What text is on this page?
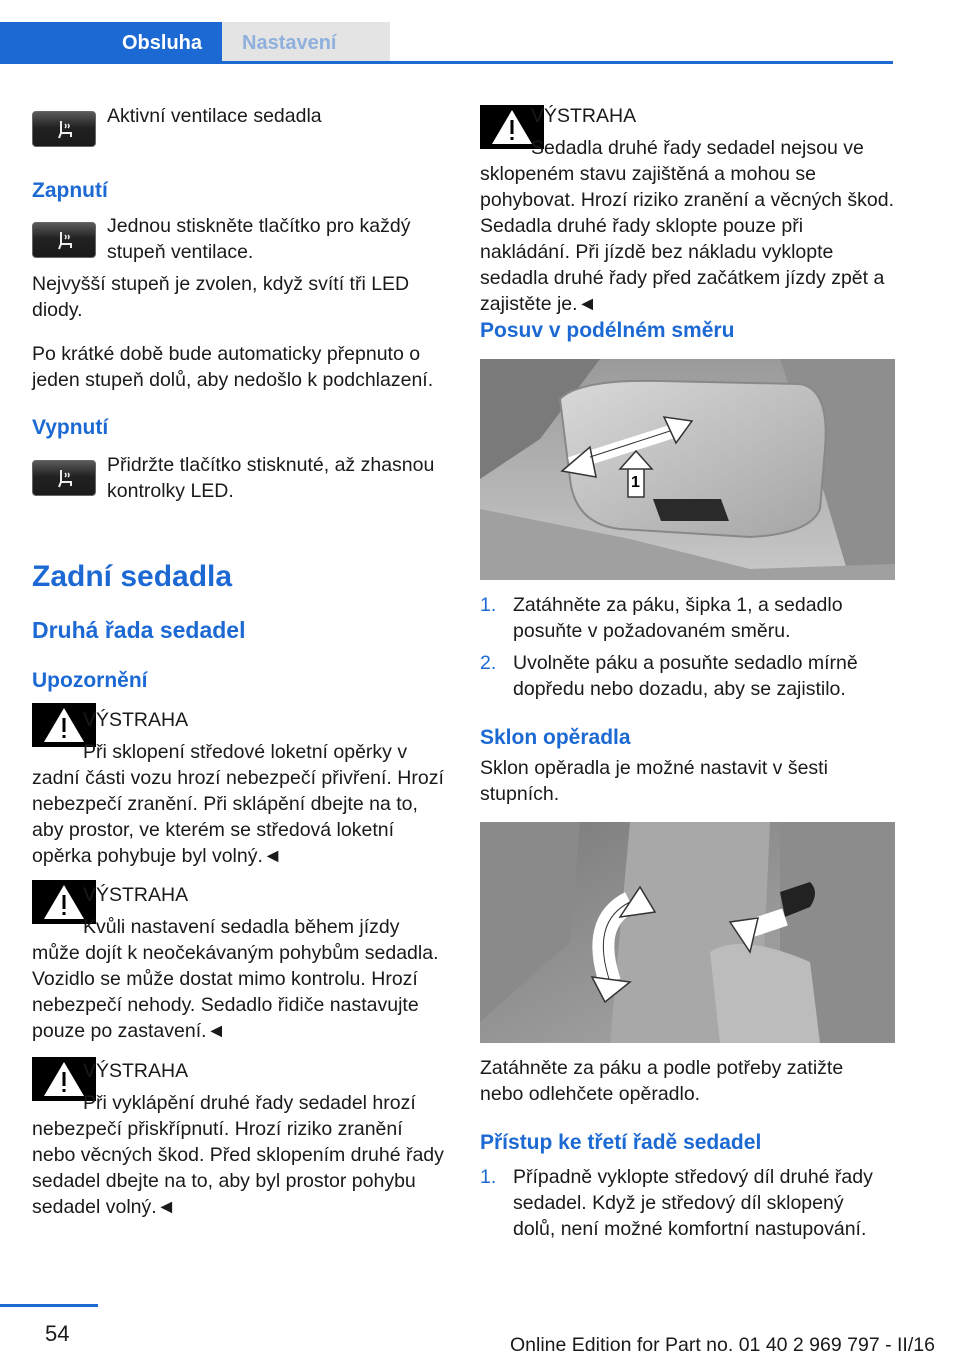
Obsluha	Nastavení

Aktivní ventilace sedadla

Zapnutí

Jednou stiskněte tlačítko pro každý stupeň ventilace.

Nejvyšší stupeň je zvolen, když svítí tři LED diody.

Po krátké době bude automaticky přepnuto o jeden stupeň dolů, aby nedošlo k podchlazení.

Vypnutí

Přidržte tlačítko stisknuté, až zhasnou kontrolky LED.

Zadní sedadla
Druhá řada sedadel
Upozornění

VÝSTRAHA

Při sklopení středové loketní opěrky v zadní části vozu hrozí nebezpečí přivření. Hrozí nebezpečí zranění. Při sklápění dbejte na to, aby prostor, ve kterém se středová loketní opěrka pohybuje byl volný.◄

VÝSTRAHA

Kvůli nastavení sedadla během jízdy může dojít k neočekávaným pohybům sedadla. Vozidlo se může dostat mimo kontrolu. Hrozí nebezpečí nehody. Sedadlo řidiče nastavujte pouze po zastavení.◄

VÝSTRAHA

Při vyklápění druhé řady sedadel hrozí nebezpečí přiskřípnutí. Hrozí riziko zranění nebo věcných škod. Před sklopením druhé řady sedadel dbejte na to, aby byl prostor pohybu sedadel volný.◄

VÝSTRAHA

Sedadla druhé řady sedadel nejsou ve sklopeném stavu zajištěná a mohou se pohybovat. Hrozí riziko zranění a věcných škod. Sedadla druhé řady sklopte pouze při nakládání. Při jízdě bez nákladu vyklopte sedadla druhé řady před začátkem jízdy zpět a zajistěte je.◄

Posuv v podélném směru
1
1. Zatáhněte za páku, šipka 1, a sedadlo posuňte v požadovaném směru.

2. Uvolněte páku a posuňte sedadlo mírně dopředu nebo dozadu, aby se zajistilo.

Sklon opěradla

Sklon opěradla je možné nastavit v šesti stupních.

Zatáhněte za páku a podle potřeby zatižte nebo odlehčete opěradlo.

Přístup ke třetí řadě sedadel
1. Případně vyklopte středový díl druhé řady sedadel. Když je středový díl sklopený dolů, není možné komfortní nastupování.

54	Online Edition for Part no. 01 40 2 969 797 - II/16
